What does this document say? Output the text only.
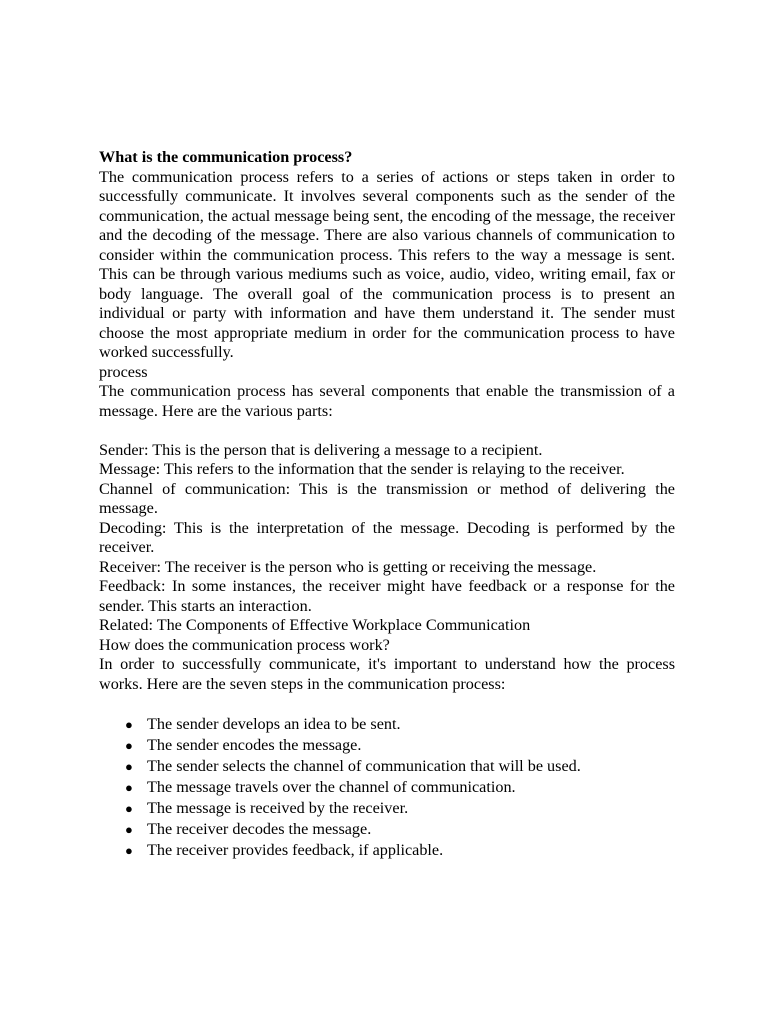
What is the communication process?

The communication process refers to a series of actions or steps taken in order to successfully communicate. It involves several components such as the sender of the communication, the actual message being sent, the encoding of the message, the receiver and the decoding of the message. There are also various channels of communication to consider within the communication process. This refers to the way a message is sent. This can be through various mediums such as voice, audio, video, writing email, fax or body language. The overall goal of the communication process is to present an individual or party with information and have them understand it. The sender must choose the most appropriate medium in order for the communication process to have worked successfully.

process

The communication process has several components that enable the transmission of a message. Here are the various parts:

Sender: This is the person that is delivering a message to a recipient.

Message: This refers to the information that the sender is relaying to the receiver.

Channel of communication: This is the transmission or method of delivering the message.

Decoding: This is the interpretation of the message. Decoding is performed by the receiver.

Receiver: The receiver is the person who is getting or receiving the message.

Feedback: In some instances, the receiver might have feedback or a response for the sender. This starts an interaction.

Related: The Components of Effective Workplace Communication

How does the communication process work?

In order to successfully communicate, it's important to understand how the process works. Here are the seven steps in the communication process:

● The sender develops an idea to be sent.
● The sender encodes the message.
● The sender selects the channel of communication that will be used.
● The message travels over the channel of communication.
● The message is received by the receiver.
● The receiver decodes the message.
● The receiver provides feedback, if applicable.
